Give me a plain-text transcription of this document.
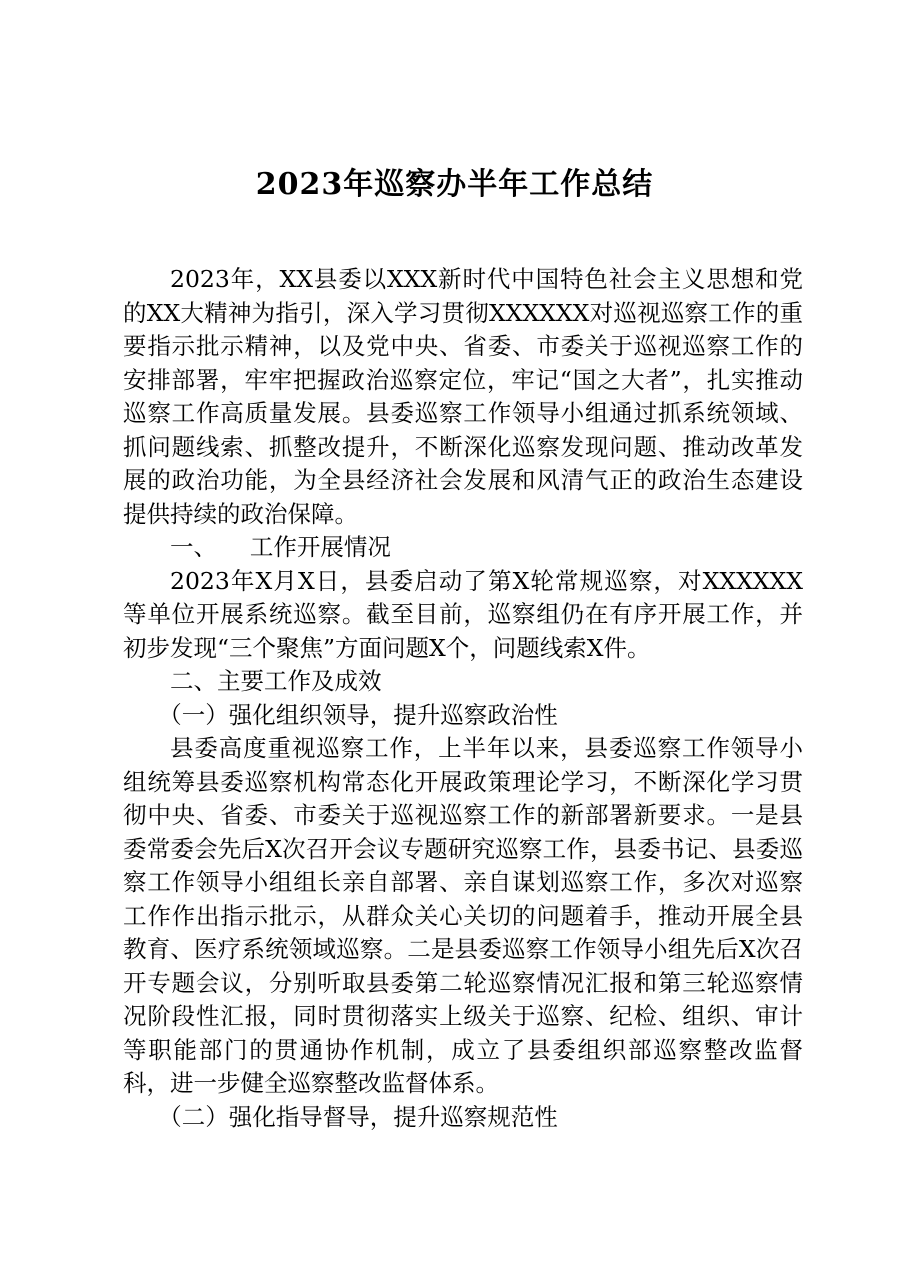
2023年巡察办半年工作总结

2023年，XX县委以XXX新时代中国特色社会主义思想和党的XX大精神为指引，深入学习贯彻XXXXXX对巡视巡察工作的重要指示批示精神，以及党中央、省委、市委关于巡视巡察工作的安排部署，牢牢把握政治巡察定位，牢记“国之大者”，扎实推动巡察工作高质量发展。县委巡察工作领导小组通过抓系统领域、抓问题线索、抓整改提升，不断深化巡察发现问题、推动改革发展的政治功能，为全县经济社会发展和风清气正的政治生态建设提供持续的政治保障。

一、 工作开展情况

2023年X月X日，县委启动了第X轮常规巡察，对XXXXXX等单位开展系统巡察。截至目前，巡察组仍在有序开展工作，并初步发现“三个聚焦”方面问题X个，问题线索X件。

二、主要工作及成效

（一）强化组织领导，提升巡察政治性

县委高度重视巡察工作，上半年以来，县委巡察工作领导小组统筹县委巡察机构常态化开展政策理论学习，不断深化学习贯彻中央、省委、市委关于巡视巡察工作的新部署新要求。一是县委常委会先后X次召开会议专题研究巡察工作，县委书记、县委巡察工作领导小组组长亲自部署、亲自谋划巡察工作，多次对巡察工作作出指示批示，从群众关心关切的问题着手，推动开展全县教育、医疗系统领域巡察。二是县委巡察工作领导小组先后X次召开专题会议，分别听取县委第二轮巡察情况汇报和第三轮巡察情况阶段性汇报，同时贯彻落实上级关于巡察、纪检、组织、审计等职能部门的贯通协作机制，成立了县委组织部巡察整改监督科，进一步健全巡察整改监督体系。

（二）强化指导督导，提升巡察规范性
